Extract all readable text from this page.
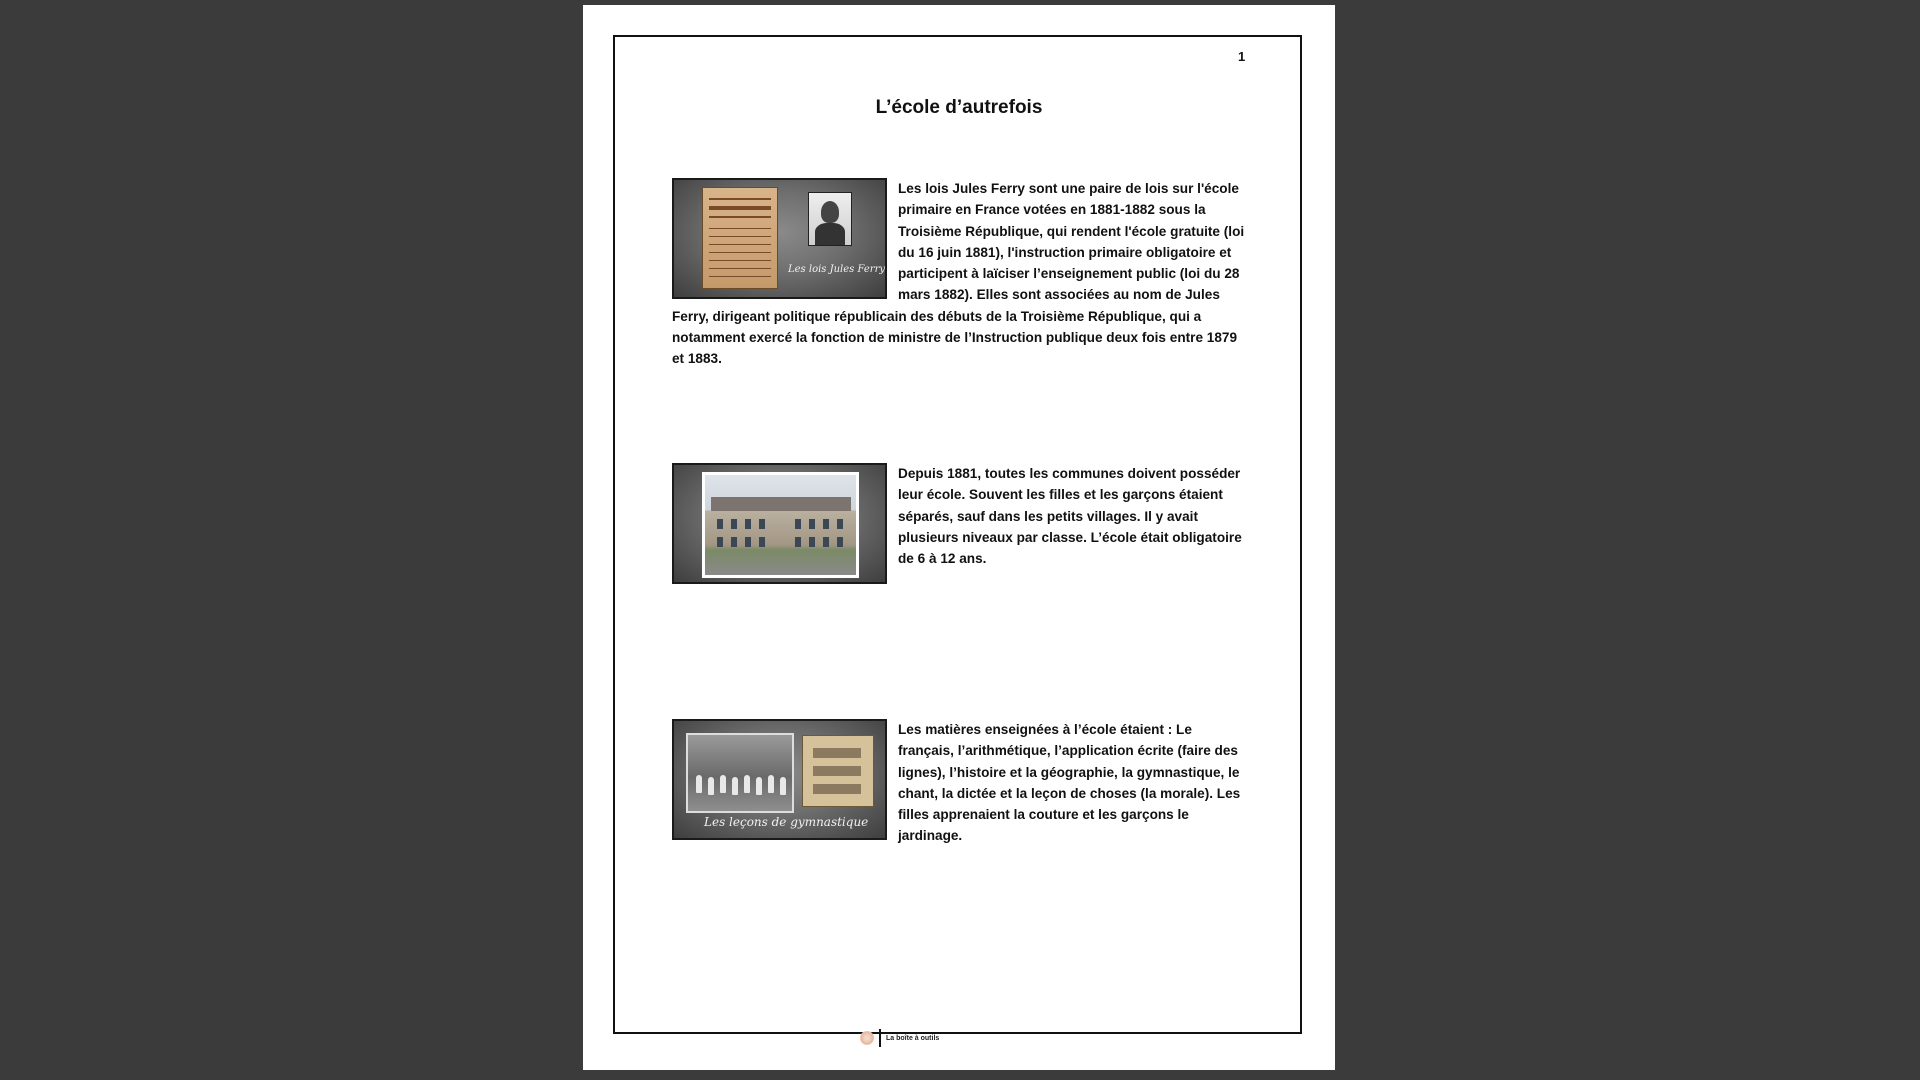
1
L’école d’autrefois
Les lois Jules Ferry

Les lois Jules Ferry sont une paire de lois sur l'école primaire en France votées en 1881-1882 sous la Troisième République, qui rendent l'école gratuite (loi du 16 juin 1881), l'instruction primaire obligatoire et participent à laïciser l’enseignement public (loi du 28 mars 1882). Elles sont associées au nom de Jules Ferry, dirigeant politique républicain des débuts de la Troisième République, qui a notamment exercé la fonction de ministre de l’Instruction publique deux fois entre 1879 et 1883.

Depuis 1881, toutes les communes doivent posséder leur école. Souvent les filles et les garçons étaient séparés, sauf dans les petits villages. Il y avait plusieurs niveaux par classe. L’école était obligatoire de 6 à 12 ans.

Les leçons de gymnastique

Les matières enseignées à l’école étaient : Le français, l’arithmétique, l’application écrite (faire des lignes), l’histoire et la géographie, la gymnastique, le chant, la dictée et la leçon de choses (la morale). Les filles apprenaient la couture et les garçons le jardinage.

La boîte à outils
